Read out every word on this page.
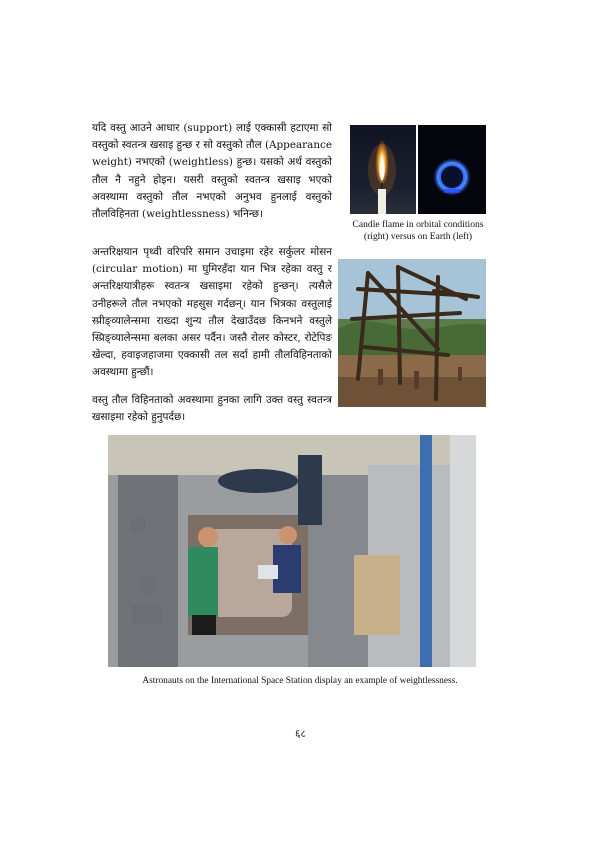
यदि वस्तु आउने आधार (support) लाई एक्कासी हटाएमा सो वस्तुको स्वतन्त्र खसाइ हुन्छ र सो वस्तुको तौल (Appearance weight) नभएको (weightless) हुन्छ। यसको अर्थ वस्तुको तौल नै नहुने होइन। यसरी वस्तुको स्वतन्त्र खसाइ भएको अवस्थामा वस्तुको तौल नभएको अनुभव हुनलाई वस्तुको तौलविहिनता (weightlessness) भनिन्छ।

अन्तरिक्षयान पृथ्वी वरिपरि समान उचाइमा रहेर सर्कुलर मोसन (circular motion) मा घुमिरहँदा यान भित्र रहेका वस्तु र अन्तरिक्षयात्रीहरू स्वतन्त्र खसाइमा रहेको हुन्छन्। त्यसैले उनीहरूले तौल नभएको महसुस गर्दछन्। यान भित्रका वस्तुलाई स्प्रीङ्व्यालेन्समा राख्दा शुन्य तौल देखाउँदछ किनभने वस्तुले स्प्रिङ्व्यालेन्समा बलका असर पर्दैन। जस्तै रोलर कोस्टर, रोटेपिङ खेल्दा, हवाइजहाजमा एक्कासी तल सर्दा हामी तौलविहिनताको अवस्थामा हुन्छौं।

वस्तु तौल विहिनताको अवस्थामा हुनका लागि उक्त वस्तु स्वतन्त्र खसाइमा रहेको हुनुपर्दछ।

Candle flame in orbital conditions (right) versus on Earth (left)

Astronauts on the International Space Station display an example of weightlessness.

६८
